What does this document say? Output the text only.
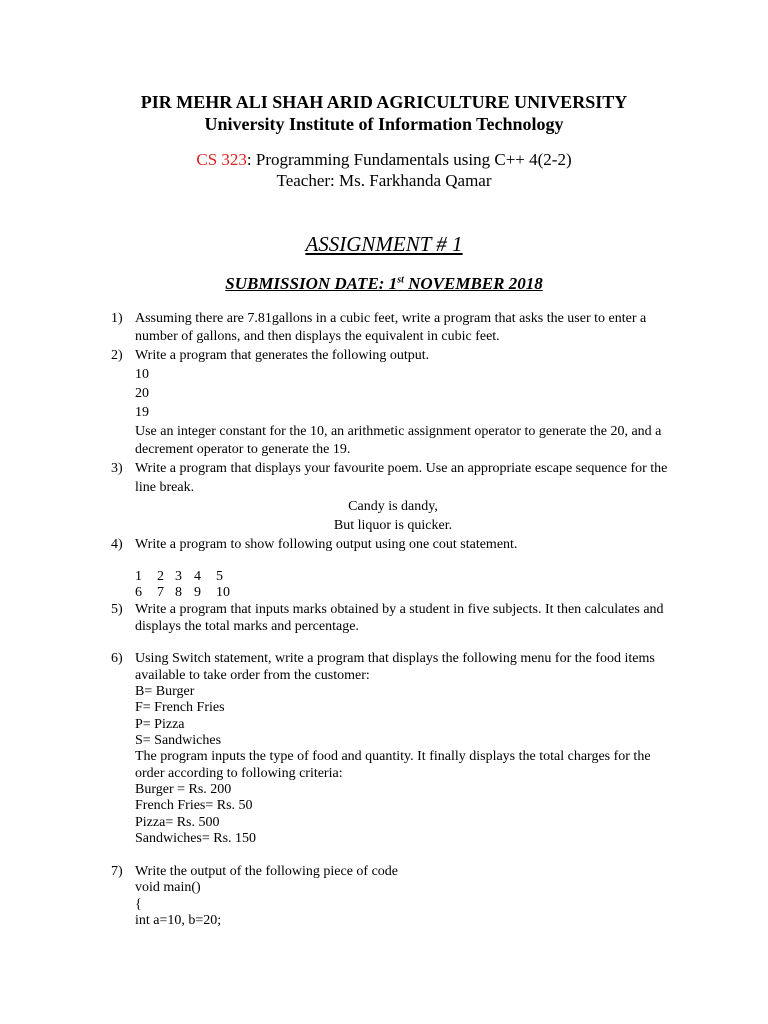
PIR MEHR ALI SHAH ARID AGRICULTURE UNIVERSITY
University Institute of Information Technology
CS 323: Programming Fundamentals using C++ 4(2-2)
Teacher: Ms. Farkhanda Qamar
ASSIGNMENT # 1
SUBMISSION DATE: 1st NOVEMBER 2018
1) Assuming there are 7.81gallons in a cubic feet, write a program that asks the user to enter a
number of gallons, and then displays the equivalent in cubic feet.
2) Write a program that generates the following output.
10
20
19
Use an integer constant for the 10, an arithmetic assignment operator to generate the 20, and a
decrement operator to generate the 19.
3) Write a program that displays your favourite poem. Use an appropriate escape sequence for the
line break.
Candy is dandy,
But liquor is quicker.
4) Write a program to show following output using one cout statement.
1 2 3 4 5
6 7 8 9 10
5) Write a program that inputs marks obtained by a student in five subjects. It then calculates and
displays the total marks and percentage.
6) Using Switch statement, write a program that displays the following menu for the food items
available to take order from the customer:
B= Burger
F= French Fries
P= Pizza
S= Sandwiches
The program inputs the type of food and quantity. It finally displays the total charges for the
order according to following criteria:
Burger = Rs. 200
French Fries= Rs. 50
Pizza= Rs. 500
Sandwiches= Rs. 150
7) Write the output of the following piece of code
void main()
{
int a=10, b=20;
